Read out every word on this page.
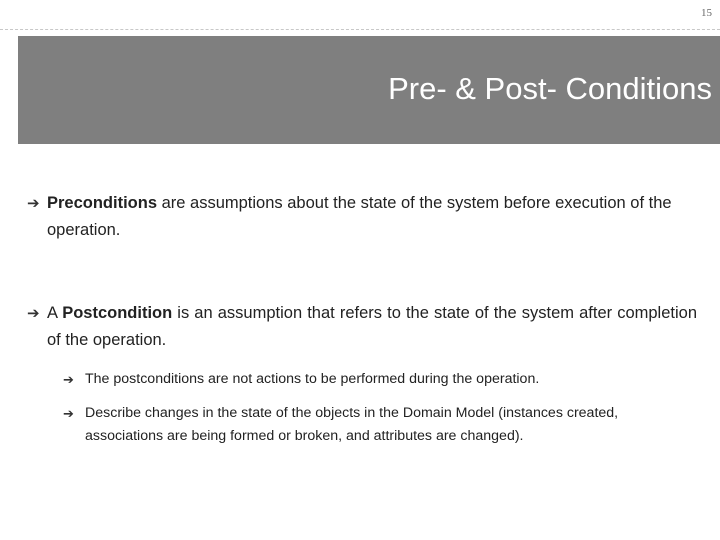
15
Pre- & Post- Conditions
➔ Preconditions are assumptions about the state of the system before execution of the operation.
➔ A Postcondition is an assumption that refers to the state of the system after completion of the operation.
➔ The postconditions are not actions to be performed during the operation.
➔ Describe changes in the state of the objects in the Domain Model (instances created, associations are being formed or broken, and attributes are changed).
